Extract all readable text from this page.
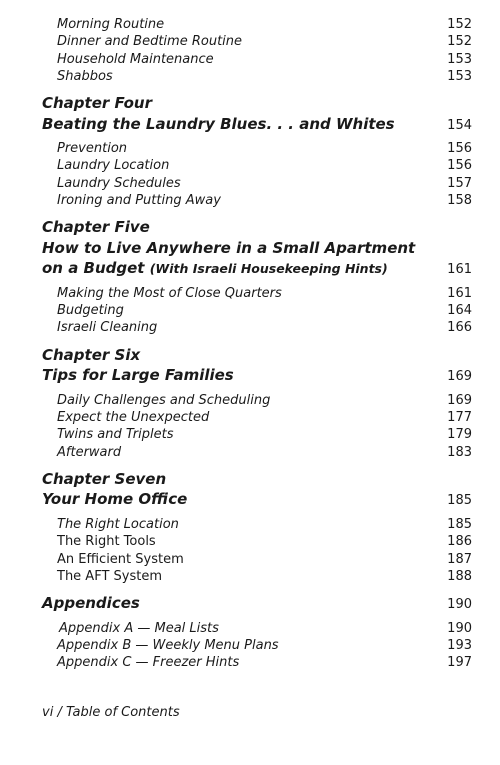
Morning Routine	152
Dinner and Bedtime Routine	152
Household Maintenance	153
Shabbos	153
Chapter Four
Beating the Laundry Blues. . . and Whites	154
Prevention	156
Laundry Location	156
Laundry Schedules	157
Ironing and Putting Away	158
Chapter Five
How to Live Anywhere in a Small Apartment
on a Budget (With Israeli Housekeeping Hints)	161
Making the Most of Close Quarters	161
Budgeting	164
Israeli Cleaning	166
Chapter Six
Tips for Large Families	169
Daily Challenges and Scheduling	169
Expect the Unexpected	177
Twins and Triplets	179
Afterward	183
Chapter Seven
Your Home Office	185
The Right Location	185
The Right Tools	186
An Efficient System	187
The AFT System	188
Appendices	190
Appendix A — Meal Lists	190
Appendix B — Weekly Menu Plans	193
Appendix C — Freezer Hints	197
vi / Table of Contents
